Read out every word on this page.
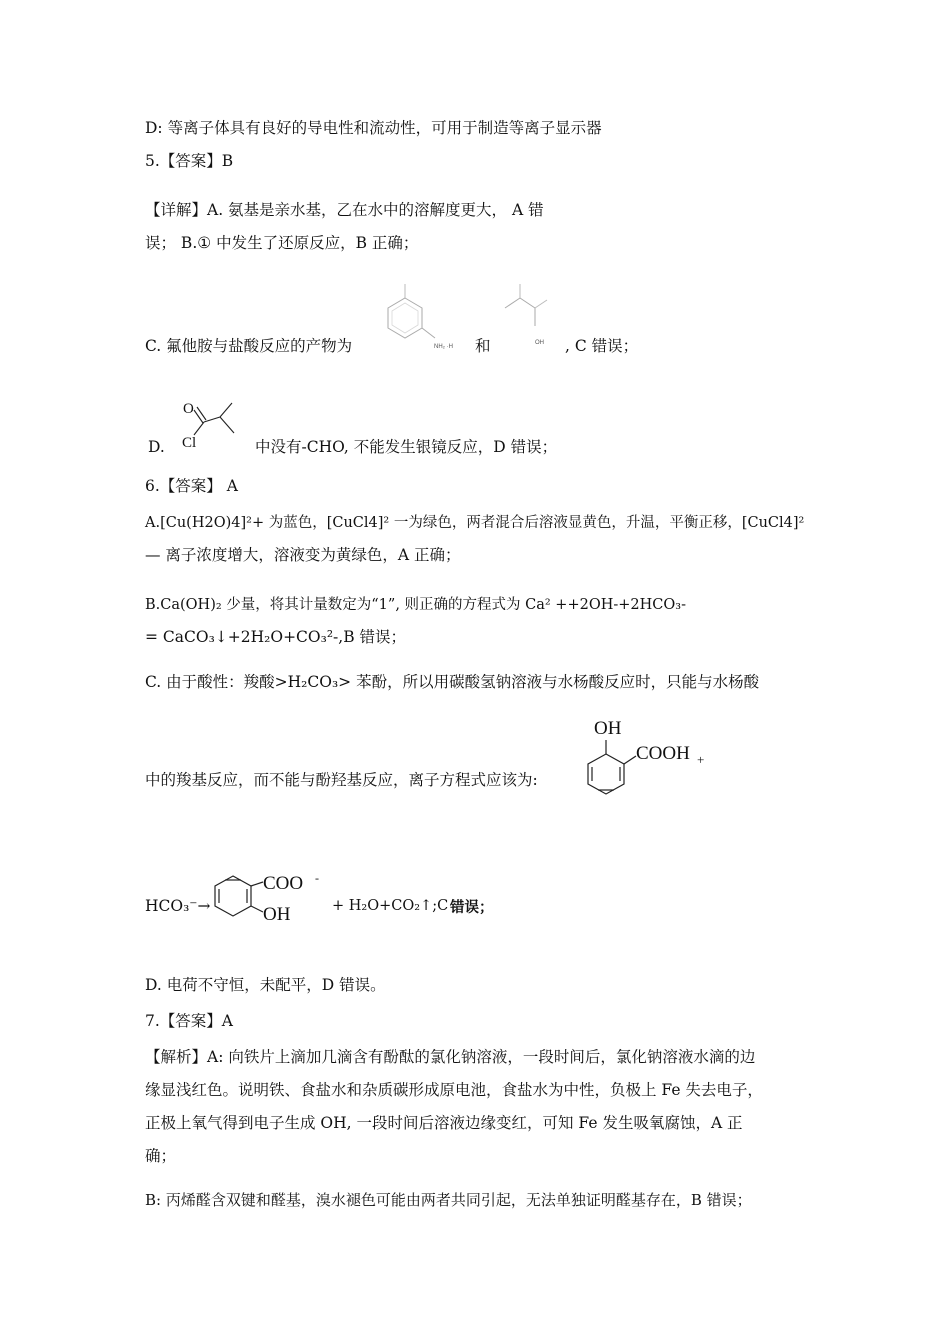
D: 等离子体具有良好的导电性和流动性，可用于制造等离子显示器
5.【答案】B
【详解】A. 氨基是亲水基，乙在水中的溶解度更大， A 错
误； B.① 中发生了还原反应，B 正确；
C. 氟他胺与盐酸反应的产物为	NH₂ ·H 和	OH , C 错误；
D.
O
Cl	中没有-CHO, 不能发生银镜反应，D 错误；
6.【答案】 A
A.[Cu(H2O)4]²+ 为蓝色，[CuCl4]² 一为绿色，两者混合后溶液显黄色，升温，平衡正移，[CuCl4]²
— 离子浓度增大，溶液变为黄绿色，A 正确；
B.Ca(OH)₂ 少量，将其计量数定为“1”, 则正确的方程式为 Ca² ++2OH-+2HCO₃-
= CaCO₃↓+2H₂O+CO₃²-,B 错误；
C. 由于酸性：羧酸>H₂CO₃> 苯酚，所以用碳酸氢钠溶液与水杨酸反应时，只能与水杨酸
中的羧基反应，而不能与酚羟基反应，离子方程式应该为:
OH
COOH +
HCO₃⁻→
COO -
OH	+ H₂O+CO₂↑;C 错误；
D. 电荷不守恒，未配平，D 错误。
7.【答案】A
【解析】A: 向铁片上滴加几滴含有酚酞的氯化钠溶液，一段时间后，氯化钠溶液水滴的边
缘显浅红色。说明铁、食盐水和杂质碳形成原电池，食盐水为中性，负极上 Fe 失去电子，
正极上氧气得到电子生成 OH, 一段时间后溶液边缘变红，可知 Fe 发生吸氧腐蚀，A 正
确；
B: 丙烯醛含双键和醛基，溴水褪色可能由两者共同引起，无法单独证明醛基存在，B 错误；
